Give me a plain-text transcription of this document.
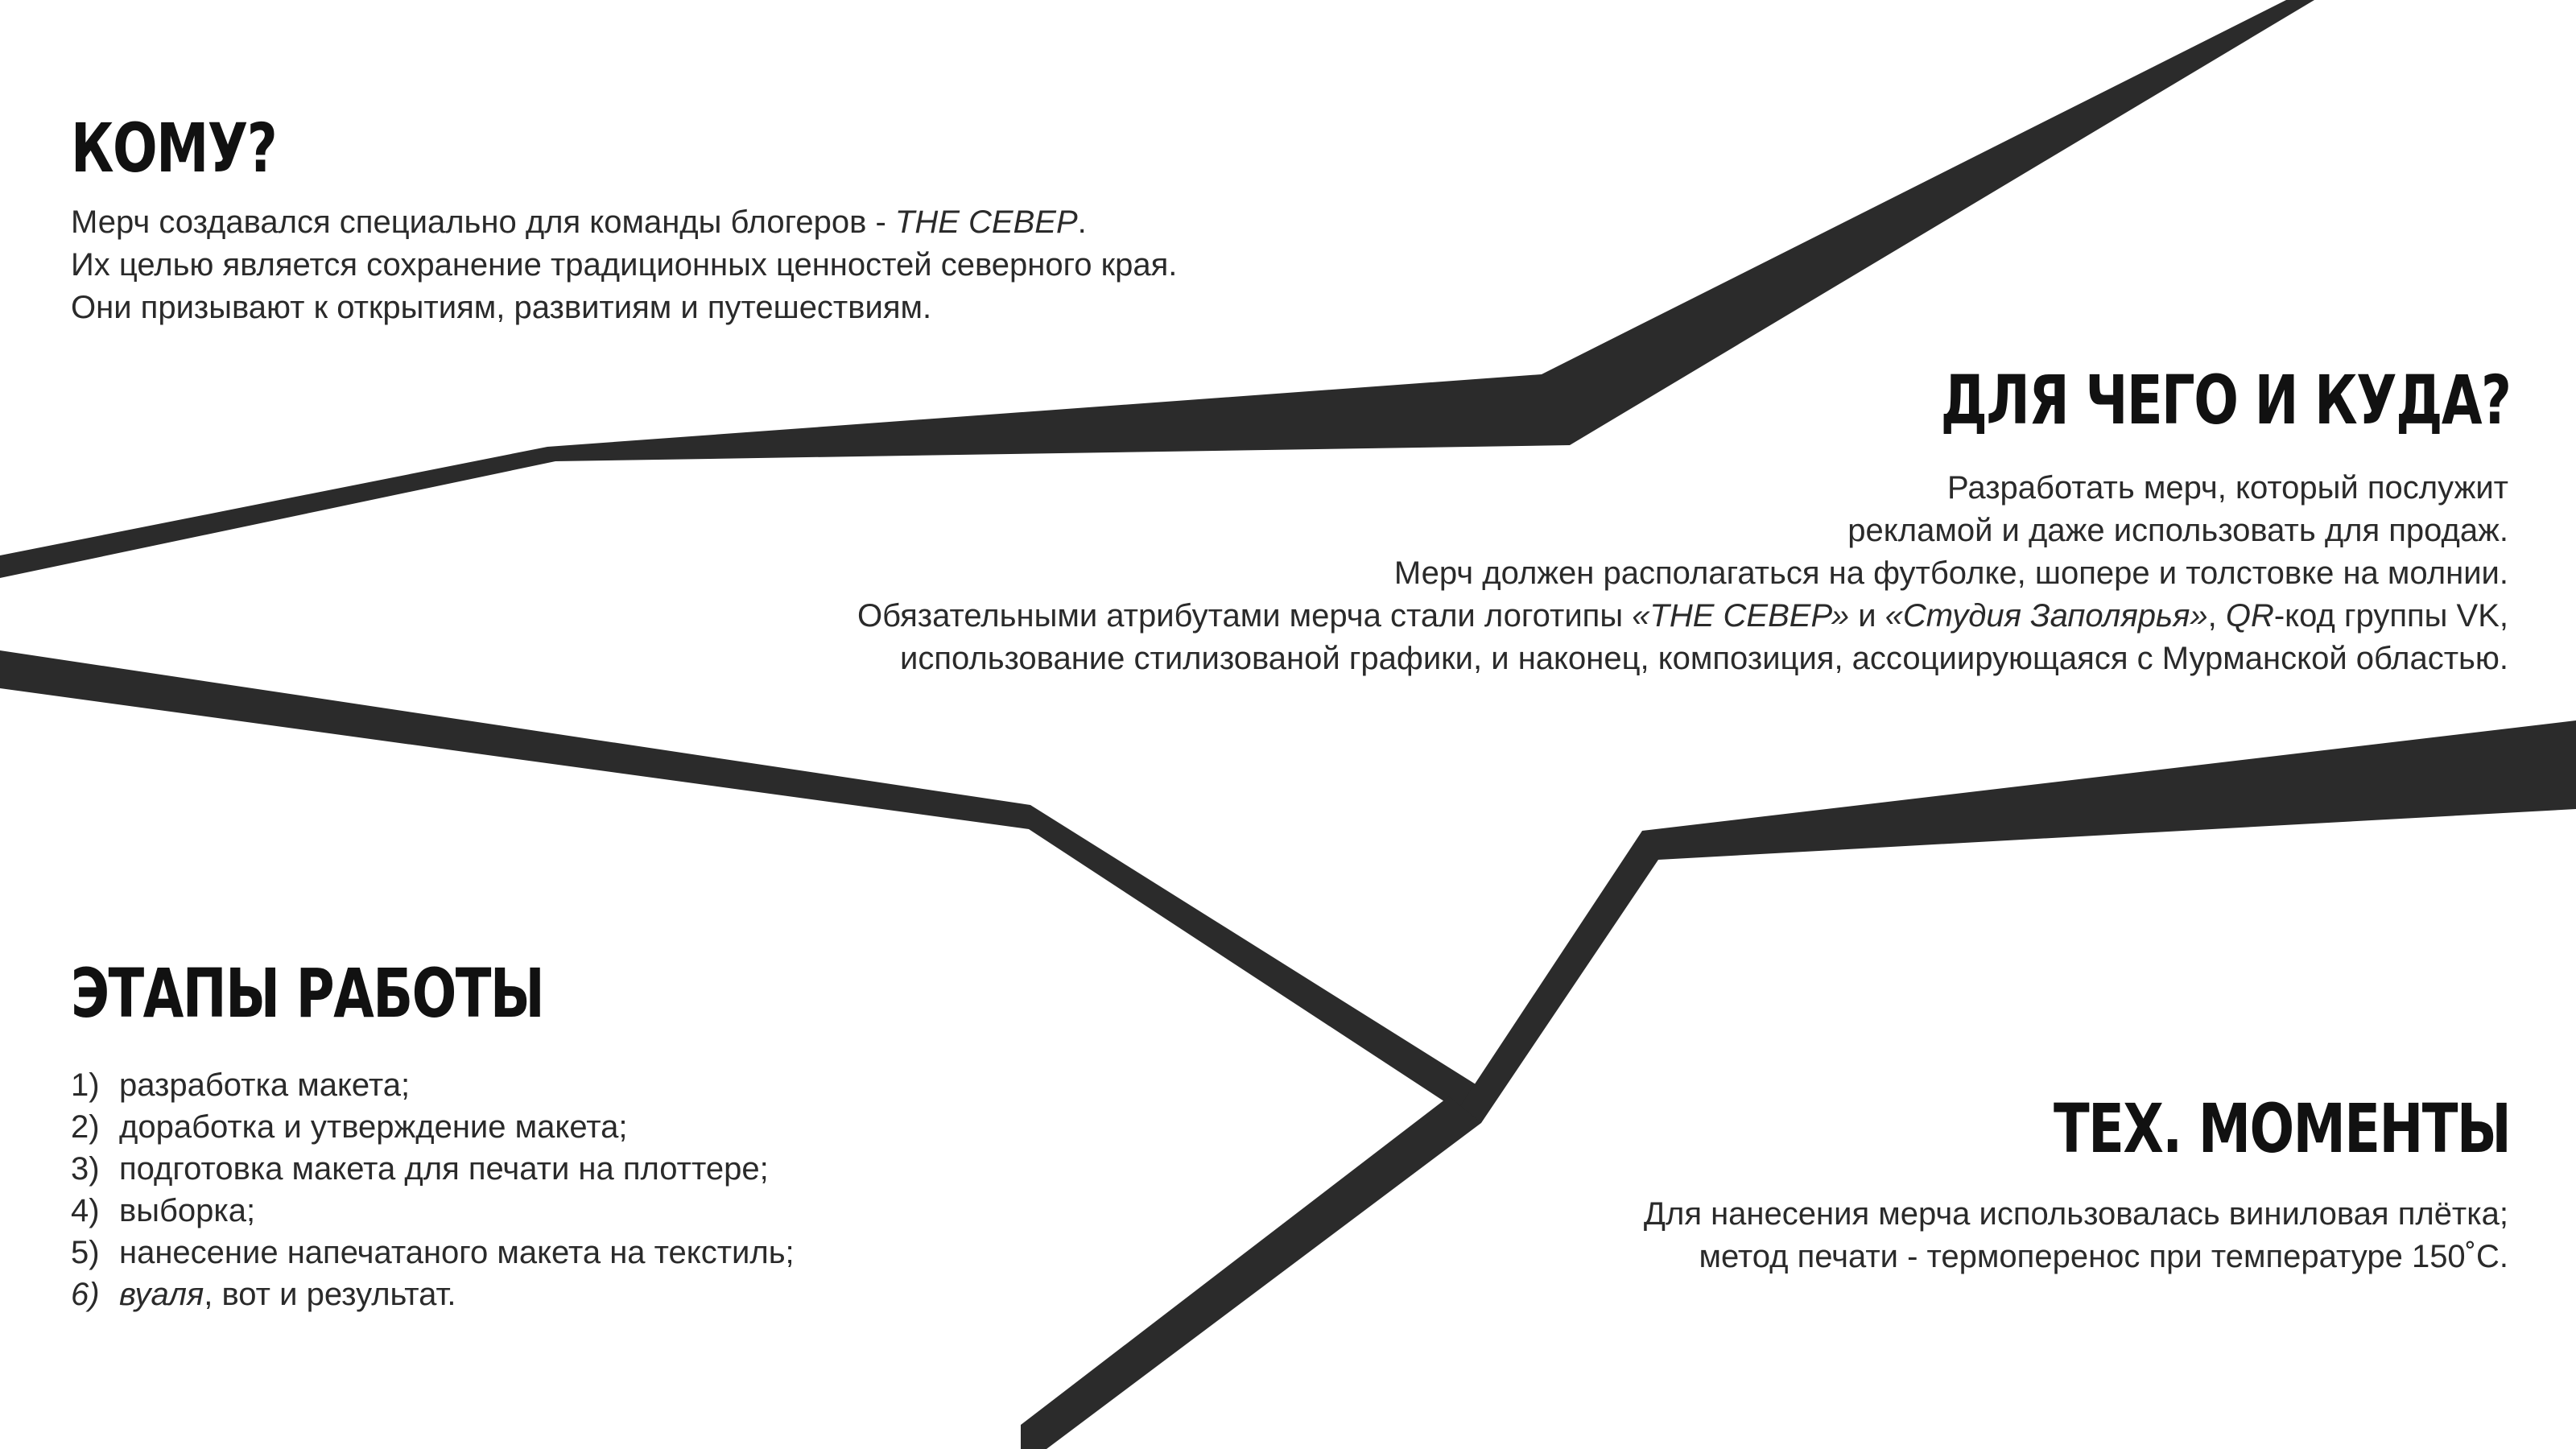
КОМУ?
Мерч создавался специально для команды блогеров - THE СЕВЕР.
Их целью является сохранение традиционных ценностей северного края.
Они призывают к открытиям, развитиям и путешествиям.
ДЛЯ ЧЕГО И КУДА?
Разработать мерч, который послужит
рекламой и даже использовать для продаж.
Мерч должен располагаться на футболке, шопере и толстовке на молнии.
Обязательными атрибутами мерча стали логотипы «THE СЕВЕР» и «Студия Заполярья», QR-код группы VK,
использование стилизованой графики, и наконец, композиция, ассоциирующаяся с Мурманской областью.
ЭТАПЫ РАБОТЫ
1) разработка макета;
2) доработка и утверждение макета;
3) подготовка макета для печати на плоттере;
4) выборка;
5) нанесение напечатаного макета на текстиль;
6) вуаля, вот и результат.
ТЕХ. МОМЕНТЫ
Для нанесения мерча использовалась виниловая плётка;
метод печати - термоперенос при температуре 150˚С.
